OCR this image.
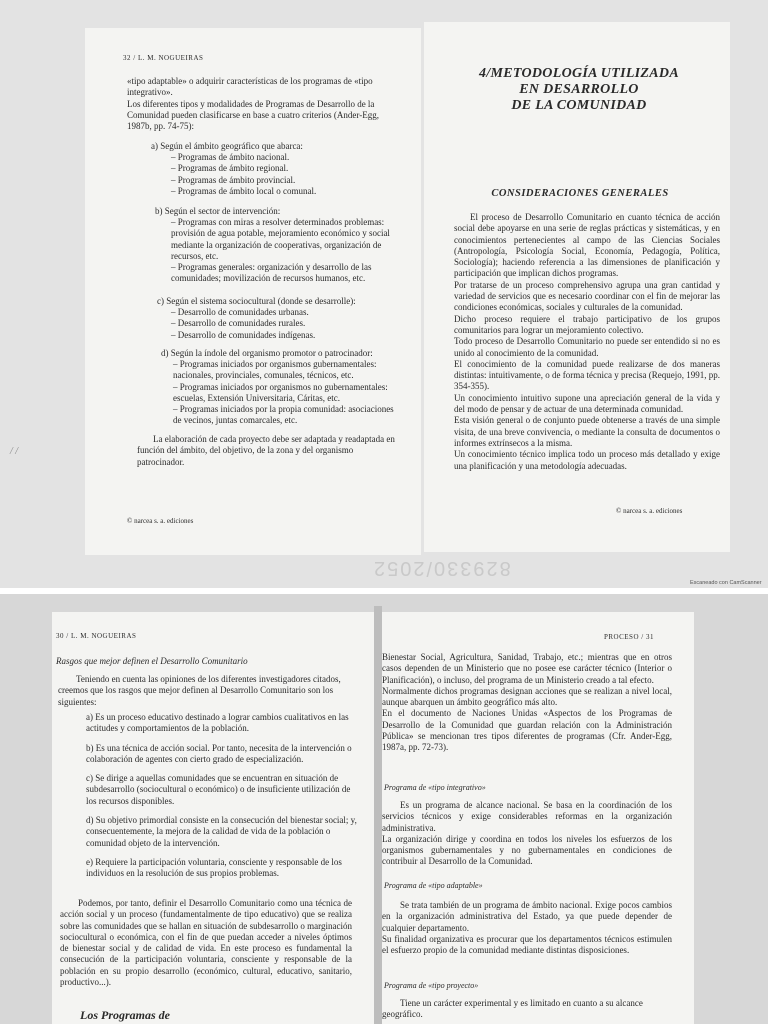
32 / L. M. NOGUEIRAS

«tipo adaptable» o adquirir características de los programas de «tipo integrativo».
Los diferentes tipos y modalidades de Programas de Desarrollo de la Comunidad pueden clasificarse en base a cuatro criterios (Ander-Egg, 1987b, pp. 74-75):

a) Según el ámbito geográfico que abarca:

– Programas de ámbito nacional.
– Programas de ámbito regional.
– Programas de ámbito provincial.
– Programas de ámbito local o comunal.

b) Según el sector de intervención:

– Programas con miras a resolver determinados problemas: provisión de agua potable, mejoramiento económico y social mediante la organización de cooperativas, organización de recursos, etc.
– Programas generales: organización y desarrollo de las comunidades; movilización de recursos humanos, etc.

c) Según el sistema sociocultural (donde se desarrolle):

– Desarrollo de comunidades urbanas.
– Desarrollo de comunidades rurales.
– Desarrollo de comunidades indígenas.

d) Según la índole del organismo promotor o patrocinador:

– Programas iniciados por organismos gubernamentales: nacionales, provinciales, comunales, técnicos, etc.
– Programas iniciados por organismos no gubernamentales: escuelas, Extensión Universitaria, Cáritas, etc.
– Programas iniciados por la propia comunidad: asociaciones de vecinos, juntas comarcales, etc.

La elaboración de cada proyecto debe ser adaptada y readaptada en función del ámbito, del objetivo, de la zona y del organismo patrocinador.

© narcea s. a. ediciones

4/METODOLOGÍA UTILIZADA
EN DESARROLLO
DE LA COMUNIDAD

CONSIDERACIONES GENERALES

El proceso de Desarrollo Comunitario en cuanto técnica de acción social debe apoyarse en una serie de reglas prácticas y sistemáticas, y en conocimientos pertenecientes al campo de las Ciencias Sociales (Antropología, Psicología Social, Economía, Pedagogía, Política, Sociología); haciendo referencia a las dimensiones de planificación y participación que implican dichos programas.
Por tratarse de un proceso comprehensivo agrupa una gran cantidad y variedad de servicios que es necesario coordinar con el fin de mejorar las condiciones económicas, sociales y culturales de la comunidad.
Dicho proceso requiere el trabajo participativo de los grupos comunitarios para lograr un mejoramiento colectivo.
Todo proceso de Desarrollo Comunitario no puede ser entendido si no es unido al conocimiento de la comunidad.
El conocimiento de la comunidad puede realizarse de dos maneras distintas: intuitivamente, o de forma técnica y precisa (Requejo, 1991, pp. 354-355).
Un conocimiento intuitivo supone una apreciación general de la vida y del modo de pensar y de actuar de una determinada comunidad.
Esta visión general o de conjunto puede obtenerse a través de una simple visita, de una breve convivencia, o mediante la consulta de documentos o informes extrínsecos a la misma.
Un conocimiento técnico implica todo un proceso más detallado y exige una planificación y una metodología adecuadas.

© narcea s. a. ediciones

829330/2052
Escaneado con CamScanner
/ /

30 / L. M. NOGUEIRAS

Rasgos que mejor definen el Desarrollo Comunitario

Teniendo en cuenta las opiniones de los diferentes investigadores citados, creemos que los rasgos que mejor definen al Desarrollo Comunitario son los siguientes:

a) Es un proceso educativo destinado a lograr cambios cualitativos en las actitudes y comportamientos de la población.
b) Es una técnica de acción social. Por tanto, necesita de la intervención o colaboración de agentes con cierto grado de especialización.
c) Se dirige a aquellas comunidades que se encuentran en situación de subdesarrollo (sociocultural o económico) o de insuficiente utilización de los recursos disponibles.
d) Su objetivo primordial consiste en la consecución del bienestar social; y, consecuentemente, la mejora de la calidad de vida de la población o comunidad objeto de la intervención.
e) Requiere la participación voluntaria, consciente y responsable de los individuos en la resolución de sus propios problemas.

Podemos, por tanto, definir el Desarrollo Comunitario como una técnica de acción social y un proceso (fundamentalmente de tipo educativo) que se realiza sobre las comunidades que se hallan en situación de subdesarrollo o marginación sociocultural o económica, con el fin de que puedan acceder a niveles óptimos de bienestar social y de calidad de vida. En este proceso es fundamental la consecución de la participación voluntaria, consciente y responsable de la población en su propio desarrollo (económico, cultural, educativo, sanitario, productivo...).

Los Programas de

PROCESO / 31

Bienestar Social, Agricultura, Sanidad, Trabajo, etc.; mientras que en otros casos dependen de un Ministerio que no posee ese carácter técnico (Interior o Planificación), o incluso, del programa de un Ministerio creado a tal efecto.
Normalmente dichos programas designan acciones que se realizan a nivel local, aunque abarquen un ámbito geográfico más alto.
En el documento de Naciones Unidas «Aspectos de los Programas de Desarrollo de la Comunidad que guardan relación con la Administración Pública» se mencionan tres tipos diferentes de programas (Cfr. Ander-Egg, 1987a, pp. 72-73).

Programa de «tipo integrativo»

Es un programa de alcance nacional. Se basa en la coordinación de los servicios técnicos y exige considerables reformas en la organización administrativa.
La organización dirige y coordina en todos los niveles los esfuerzos de los organismos gubernamentales y no gubernamentales en condiciones de contribuir al Desarrollo de la Comunidad.

Programa de «tipo adaptable»

Se trata también de un programa de ámbito nacional. Exige pocos cambios en la organización administrativa del Estado, ya que puede depender de cualquier departamento.
Su finalidad organizativa es procurar que los departamentos técnicos estimulen el esfuerzo propio de la comunidad mediante distintas disposiciones.

Programa de «tipo proyecto»

Tiene un carácter experimental y es limitado en cuanto a su alcance geográfico.
